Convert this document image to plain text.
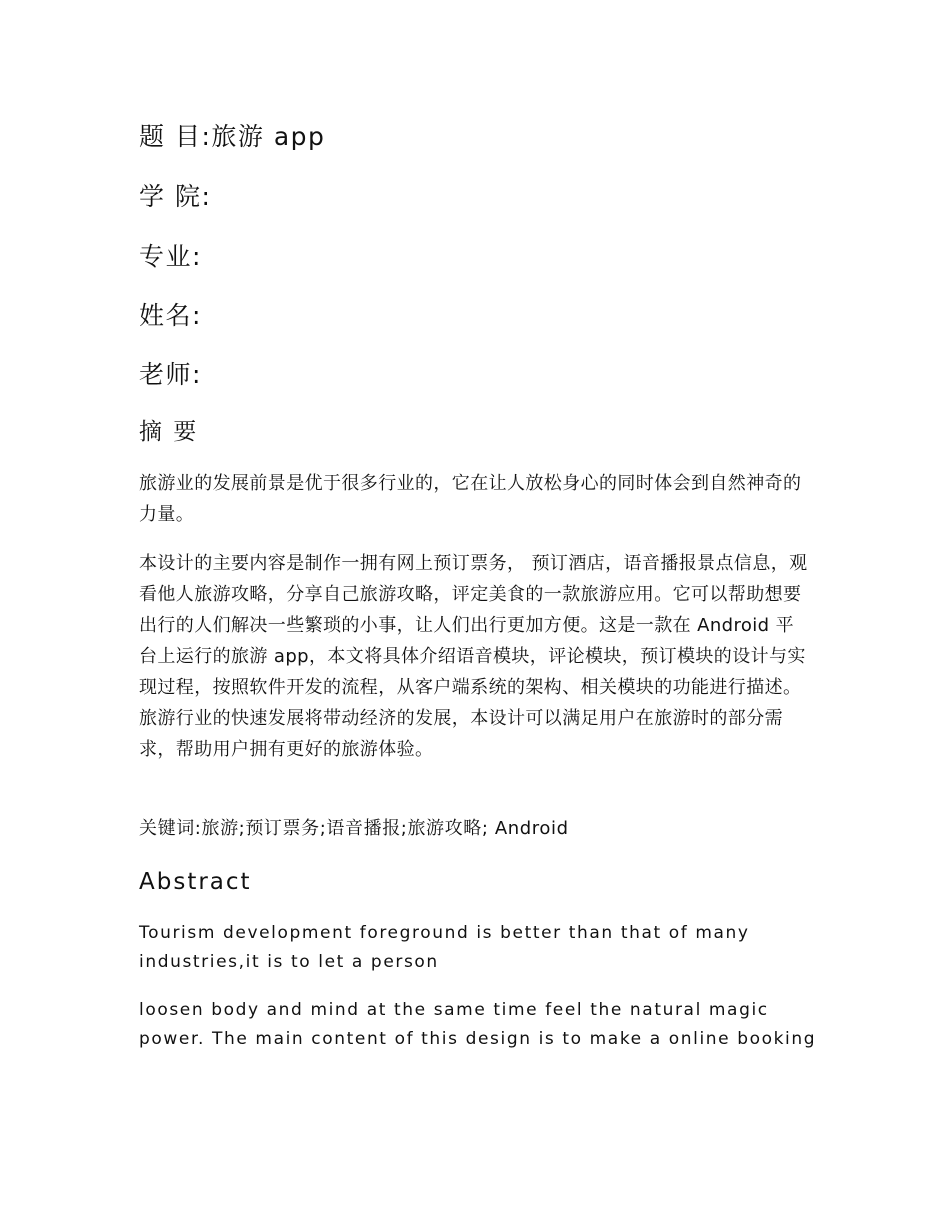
题 目:旅游 app
学 院:
专业:
姓名:
老师:
摘 要

旅游业的发展前景是优于很多行业的，它在让人放松身心的同时体会到自然神奇的力量。

本设计的主要内容是制作一拥有网上预订票务， 预订酒店，语音播报景点信息，观看他人旅游攻略，分享自己旅游攻略，评定美食的一款旅游应用。它可以帮助想要出行的人们解决一些繁琐的小事，让人们出行更加方便。这是一款在 Android 平台上运行的旅游 app，本文将具体介绍语音模块，评论模块，预订模块的设计与实现过程，按照软件开发的流程，从客户端系统的架构、相关模块的功能进行描述。旅游行业的快速发展将带动经济的发展，本设计可以满足用户在旅游时的部分需求，帮助用户拥有更好的旅游体验。

关键词:旅游;预订票务;语音播报;旅游攻略; Android
Abstract

Tourism development foreground is better than that of many industries,it is to let a person

loosen body and mind at the same time feel the natural magic power. The main content of this design is to make a online booking
